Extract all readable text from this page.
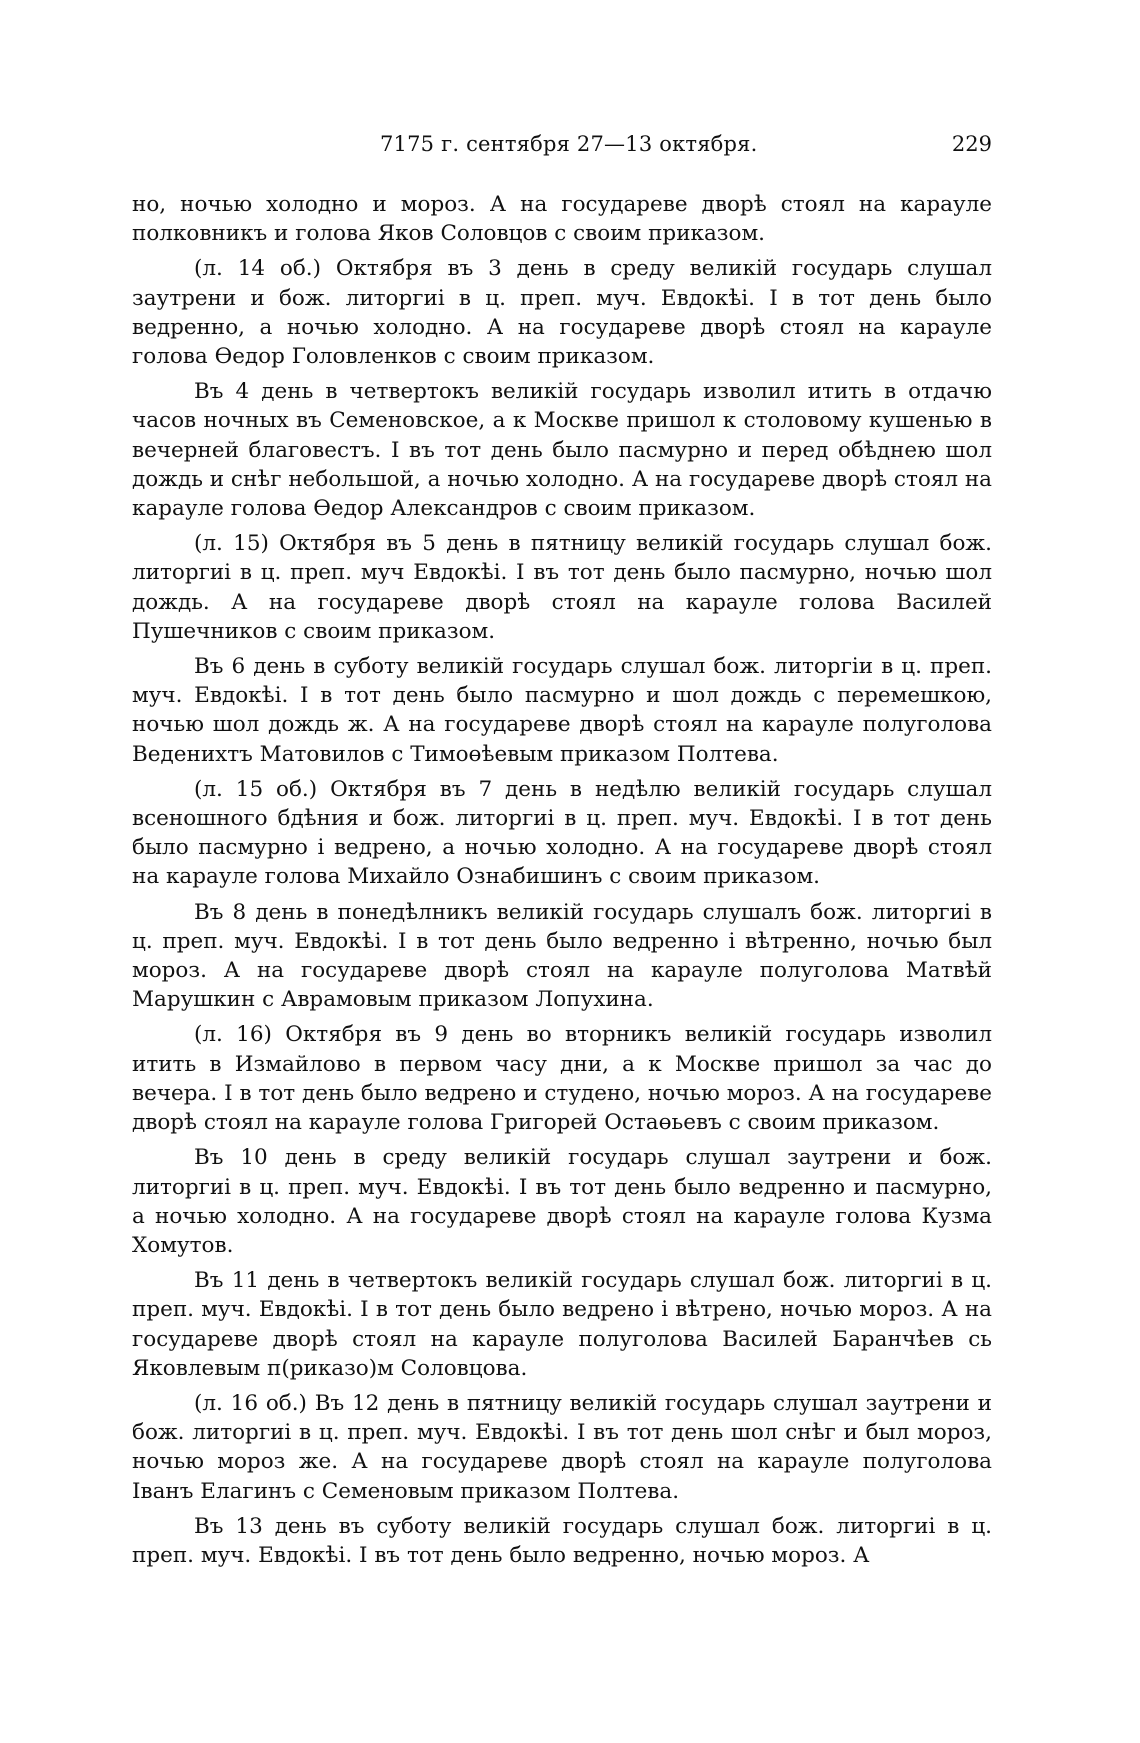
7175 г. сентября 27—13 октября.	229

но, ночью холодно и мороз. А на государеве дворѣ стоял на карауле полковникъ и голова Яков Соловцов с своим приказом.

(л. 14 об.) Октября въ 3 день в среду великій государь слушал заутрени и бож. литоргиі в ц. преп. муч. Евдокѣі. І в тот день было ведренно, а ночью холодно. А на государеве дворѣ стоял на карауле голова Өедор Головленков с своим приказом.

Въ 4 день в четвертокъ великій государь изволил итить в отдачю часов ночных въ Семеновское, а к Москве пришол к столовому кушенью в вечерней благовестъ. І въ тот день было пасмурно и перед обѣднею шол дождь и снѣг небольшой, а ночью холодно. А на государеве дворѣ стоял на карауле голова Өедор Александров с своим приказом.

(л. 15) Октября въ 5 день в пятницу великій государь слушал бож. литоргиі в ц. преп. муч Евдокѣі. І въ тот день было пасмурно, ночью шол дождь. А на государеве дворѣ стоял на карауле голова Василей Пушечников с своим приказом.

Въ 6 день в суботу великій государь слушал бож. литоргіи в ц. преп. муч. Евдокѣі. І в тот день было пасмурно и шол дождь с перемешкою, ночью шол дождь ж. А на государеве дворѣ стоял на карауле полуголова Веденихтъ Матовилов с Тимоөѣевым приказом Полтева.

(л. 15 об.) Октября въ 7 день в недѣлю великій государь слушал всеношного бдѣния и бож. литоргиі в ц. преп. муч. Евдокѣі. І в тот день было пасмурно і ведрено, а ночью холодно. А на государеве дворѣ стоял на карауле голова Михайло Ознабишинъ с своим приказом.

Въ 8 день в понедѣлникъ великій государь слушалъ бож. литоргиі в ц. преп. муч. Евдокѣі. І в тот день было ведренно і вѣтренно, ночью был мороз. А на государеве дворѣ стоял на карауле полуголова Матвѣй Марушкин с Аврамовым приказом Лопухина.

(л. 16) Октября въ 9 день во вторникъ великій государь изволил итить в Измайлово в первом часу дни, а к Москве пришол за час до вечера. І в тот день было ведрено и студено, ночью мороз. А на государеве дворѣ стоял на карауле голова Григорей Остаөьевъ с своим приказом.

Въ 10 день в среду великій государь слушал заутрени и бож. литоргиі в ц. преп. муч. Евдокѣі. І въ тот день было ведренно и пасмурно, а ночью холодно. А на государеве дворѣ стоял на карауле голова Кузма Хомутов.

Въ 11 день в четвертокъ великій государь слушал бож. литоргиі в ц. преп. муч. Евдокѣі. І в тот день было ведрено і вѣтрено, ночью мороз. А на государеве дворѣ стоял на карауле полуголова Василей Баранчѣев сь Яковлевым п(риказо)м Соловцова.

(л. 16 об.) Въ 12 день в пятницу великій государь слушал заутрени и бож. литоргиі в ц. преп. муч. Евдокѣі. І въ тот день шол снѣг и был мороз, ночью мороз же. А на государеве дворѣ стоял на карауле полуголова Іванъ Елагинъ с Семеновым приказом Полтева.

Въ 13 день въ суботу великій государь слушал бож. литоргиі в ц. преп. муч. Евдокѣі. І въ тот день было ведренно, ночью мороз. А
